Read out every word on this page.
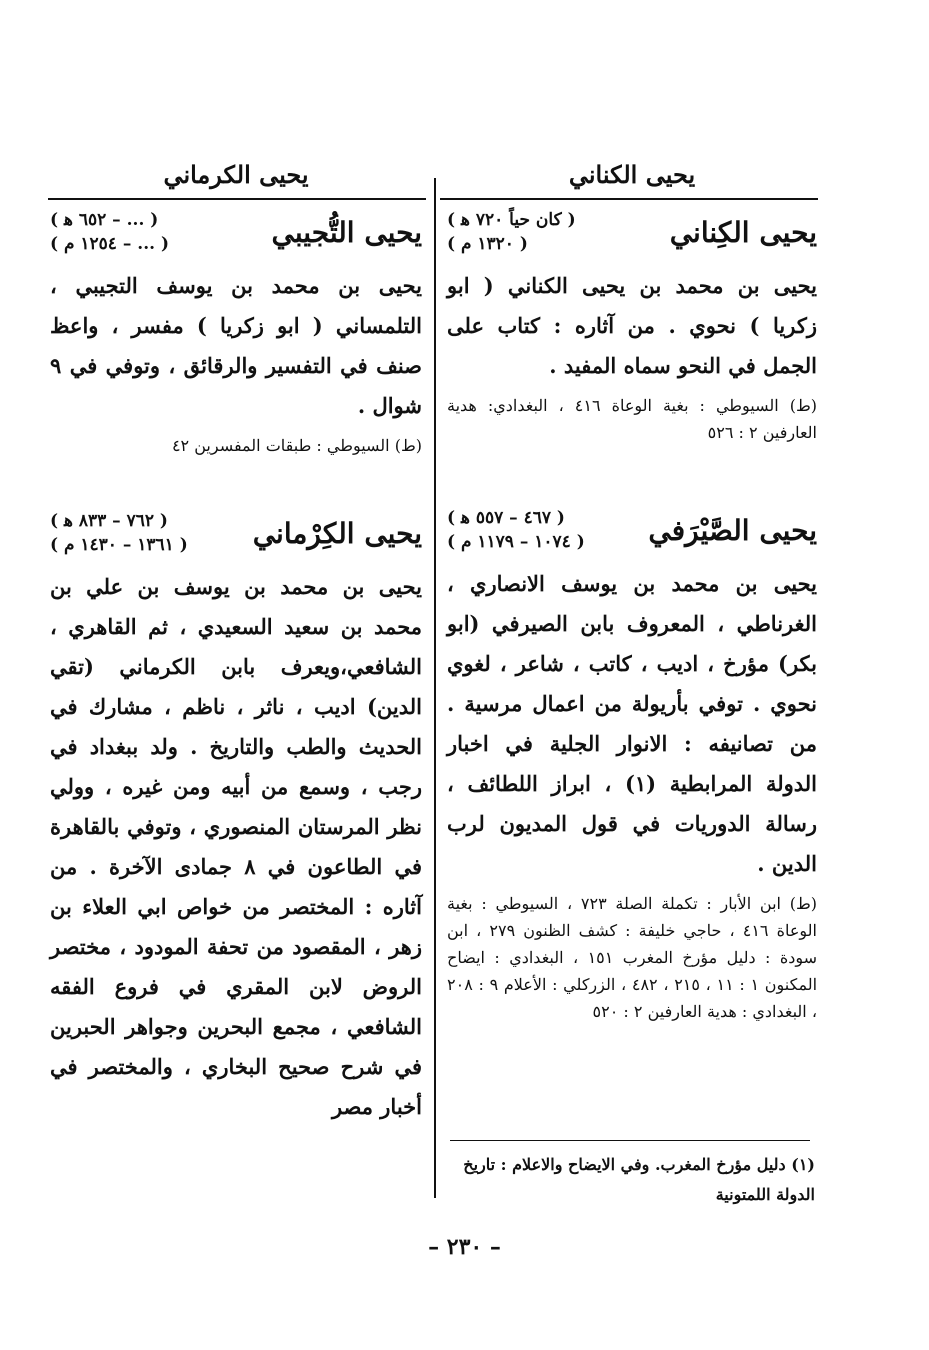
يحيى الكناني
يحيى الكرماني
يحيى الكِناني
( كان حياً ٧٢٠ ﻫ )
( ١٣٢٠ م )

يحيى بن محمد بن يحيى الكناني ( ابو زكريا ) نحوي . من آثاره : كتاب على الجمل في النحو سماه المفيد .

(ط) السيوطي : بغية الوعاة ٤١٦ ، البغدادي: هدية العارفين ٢ : ٥٢٦

يحيى الصَّيْرَفي
( ٤٦٧ – ٥٥٧ ﻫ )
( ١٠٧٤ – ١١٧٩ م )

يحيى بن محمد بن يوسف الانصاري ، الغرناطي ، المعروف بابن الصيرفي (ابو بكر) مؤرخ ، اديب ، كاتب ، شاعر ، لغوي نحوي . توفي بأريولة من اعمال مرسية . من تصانيفه : الانوار الجلية في اخبار الدولة المرابطية (١) ، ابراز اللطائف ، رسالة الدوريات في قول المديون لرب الدين .

(ط) ابن الأبار : تكملة الصلة ٧٢٣ ، السيوطي : بغية الوعاة ٤١٦ ، حاجي خليفة : كشف الظنون ٢٧٩ ، ابن سودة : دليل مؤرخ المغرب ١٥١ ، البغدادي : ايضاح المكنون ١ : ١١ ، ٢١٥ ، ٤٨٢ ، الزركلي : الأعلام ٩ : ٢٠٨ ، البغدادي : هدية العارفين ٢ : ٥٢٠

يحيى التُّجيبي
( ... – ٦٥٢ ﻫ )
( ... – ١٢٥٤ م )

يحيى بن محمد بن يوسف التجيبي ، التلمساني ( ابو زكريا ) مفسر ، واعظ صنف في التفسير والرقائق ، وتوفي في ٩ شوال .

(ط) السيوطي : طبقات المفسرين ٤٢

يحيى الكِرْماني
( ٧٦٢ – ٨٣٣ ﻫ )
( ١٣٦١ – ١٤٣٠ م )

يحيى بن محمد بن يوسف بن علي بن محمد بن سعيد السعيدي ، ثم القاهري ، الشافعي،ويعرف بابن الكرماني (تقي الدين) اديب ، ناثر ، ناظم ، مشارك في الحديث والطب والتاريخ . ولد ببغداد في رجب ، وسمع من أبيه ومن غيره ، وولي نظر المرستان المنصوري ، وتوفي بالقاهرة في الطاعون في ٨ جمادى الآخرة . من آثاره : المختصر من خواص ابي العلاء بن زهر ، المقصود من تحفة المودود ، مختصر الروض لابن المقري في فروع الفقه الشافعي ، مجمع البحرين وجواهر الحبرين في شرح صحيح البخاري ، والمختصر في أخبار مصر

(١) دليل مؤرخ المغرب. وفي الايضاح والاعلام : تاريخ الدولة اللمتونية
– ٢٣٠ –
